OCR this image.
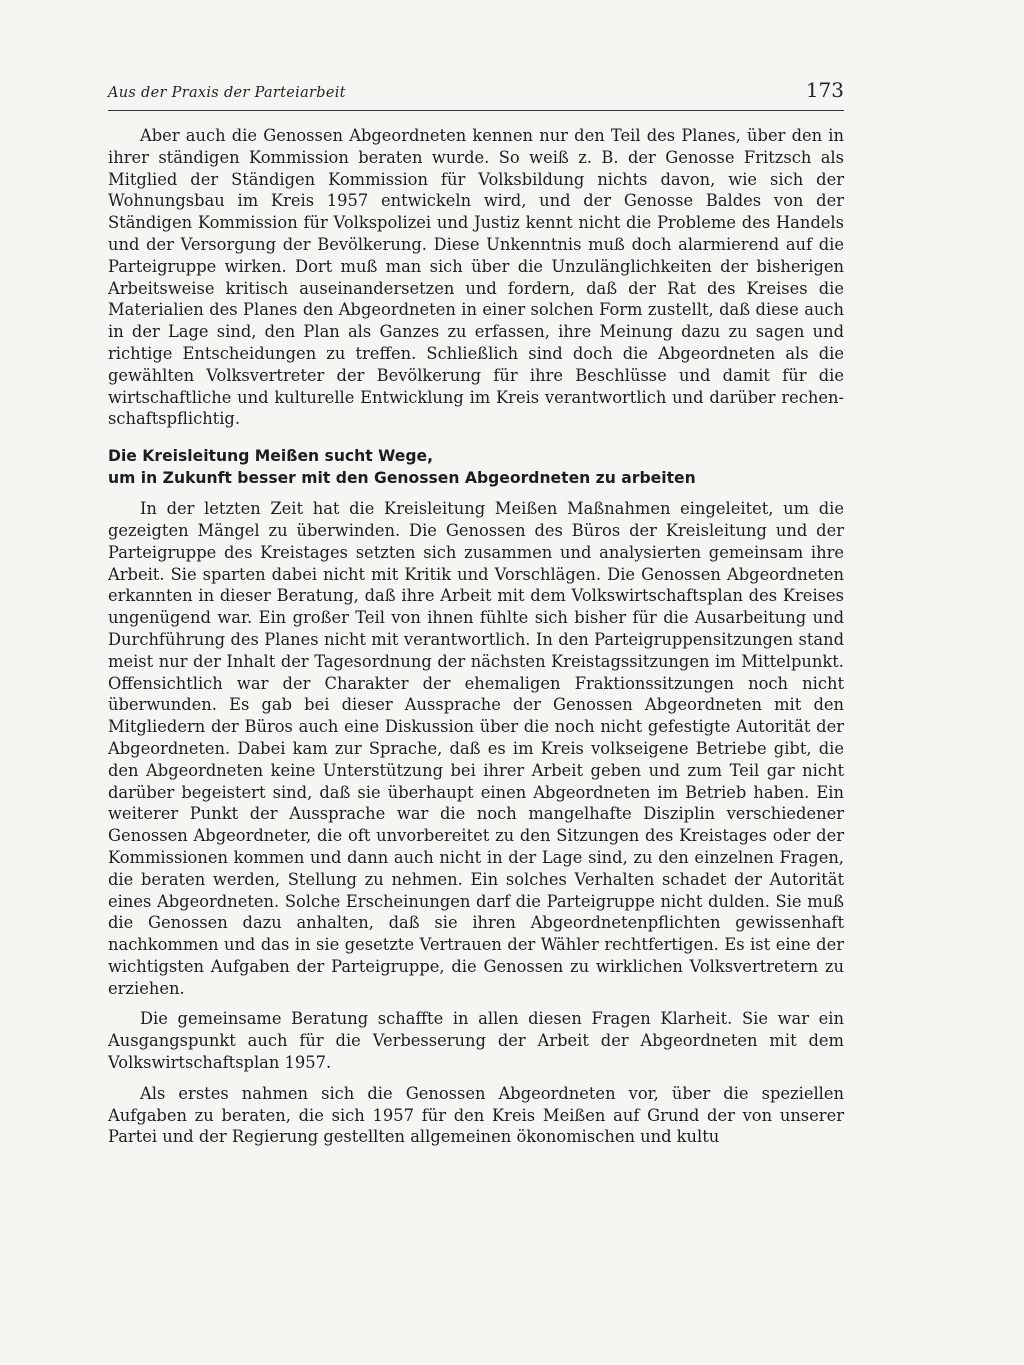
Aus der Praxis der Parteiarbeit	173

Aber auch die Genossen Abgeordneten kennen nur den Teil des Planes, über den in ihrer ständigen Kommission beraten wurde. So weiß z. B. der Genosse Fritzsch als Mitglied der Ständigen Kommission für Volksbildung nichts davon, wie sich der Wohnungsbau im Kreis 1957 entwickeln wird, und der Genosse Baldes von der Ständigen Kommission für Volkspolizei und Justiz kennt nicht die Probleme des Handels und der Versorgung der Bevölkerung. Diese Unkenntnis muß doch alarmierend auf die Parteigruppe wirken. Dort muß man sich über die Unzulänglichkeiten der bisherigen Arbeitsweise kritisch auseinandersetzen und fordern, daß der Rat des Kreises die Materialien des Planes den Abgeordneten in einer solchen Form zustellt, daß diese auch in der Lage sind, den Plan als Ganzes zu erfassen, ihre Meinung dazu zu sagen und richtige Entscheidungen zu treffen. Schließlich sind doch die Abgeordneten als die gewählten Volksvertreter der Bevölkerung für ihre Beschlüsse und damit für die wirtschaftliche und kulturelle Entwicklung im Kreis verantwortlich und darüber rechenschaftspflichtig.

Die Kreisleitung Meißen sucht Wege,
um in Zukunft besser mit den Genossen Abgeordneten zu arbeiten

In der letzten Zeit hat die Kreisleitung Meißen Maßnahmen eingeleitet, um die gezeigten Mängel zu überwinden. Die Genossen des Büros der Kreisleitung und der Parteigruppe des Kreistages setzten sich zusammen und analysierten gemeinsam ihre Arbeit. Sie sparten dabei nicht mit Kritik und Vorschlägen. Die Genossen Abgeordneten erkannten in dieser Beratung, daß ihre Arbeit mit dem Volkswirtschaftsplan des Kreises ungenügend war. Ein großer Teil von ihnen fühlte sich bisher für die Ausarbeitung und Durchführung des Planes nicht mit verantwortlich. In den Parteigruppensitzungen stand meist nur der Inhalt der Tagesordnung der nächsten Kreistagssitzungen im Mittelpunkt. Offensichtlich war der Charakter der ehemaligen Fraktionssitzungen noch nicht überwunden. Es gab bei dieser Aussprache der Genossen Abgeordneten mit den Mitgliedern der Büros auch eine Diskussion über die noch nicht gefestigte Autorität der Abgeordneten. Dabei kam zur Sprache, daß es im Kreis volkseigene Betriebe gibt, die den Abgeordneten keine Unterstützung bei ihrer Arbeit geben und zum Teil gar nicht darüber begeistert sind, daß sie überhaupt einen Abgeordneten im Betrieb haben. Ein weiterer Punkt der Aussprache war die noch mangelhafte Disziplin verschiedener Genossen Abgeordneter, die oft unvorbereitet zu den Sitzungen des Kreistages oder der Kommissionen kommen und dann auch nicht in der Lage sind, zu den einzelnen Fragen, die beraten werden, Stellung zu nehmen. Ein solches Verhalten schadet der Autorität eines Abgeordneten. Solche Erscheinungen darf die Parteigruppe nicht dulden. Sie muß die Genossen dazu anhalten, daß sie ihren Abgeordnetenpflichten gewissenhaft nachkommen und das in sie gesetzte Vertrauen der Wähler rechtfertigen. Es ist eine der wichtigsten Aufgaben der Parteigruppe, die Genossen zu wirklichen Volksvertretern zu erziehen.

Die gemeinsame Beratung schaffte in allen diesen Fragen Klarheit. Sie war ein Ausgangspunkt auch für die Verbesserung der Arbeit der Abgeordneten mit dem Volkswirtschaftsplan 1957.

Als erstes nahmen sich die Genossen Abgeordneten vor, über die speziellen Aufgaben zu beraten, die sich 1957 für den Kreis Meißen auf Grund der von unserer Partei und der Regierung gestellten allgemeinen ökonomischen und kultu
